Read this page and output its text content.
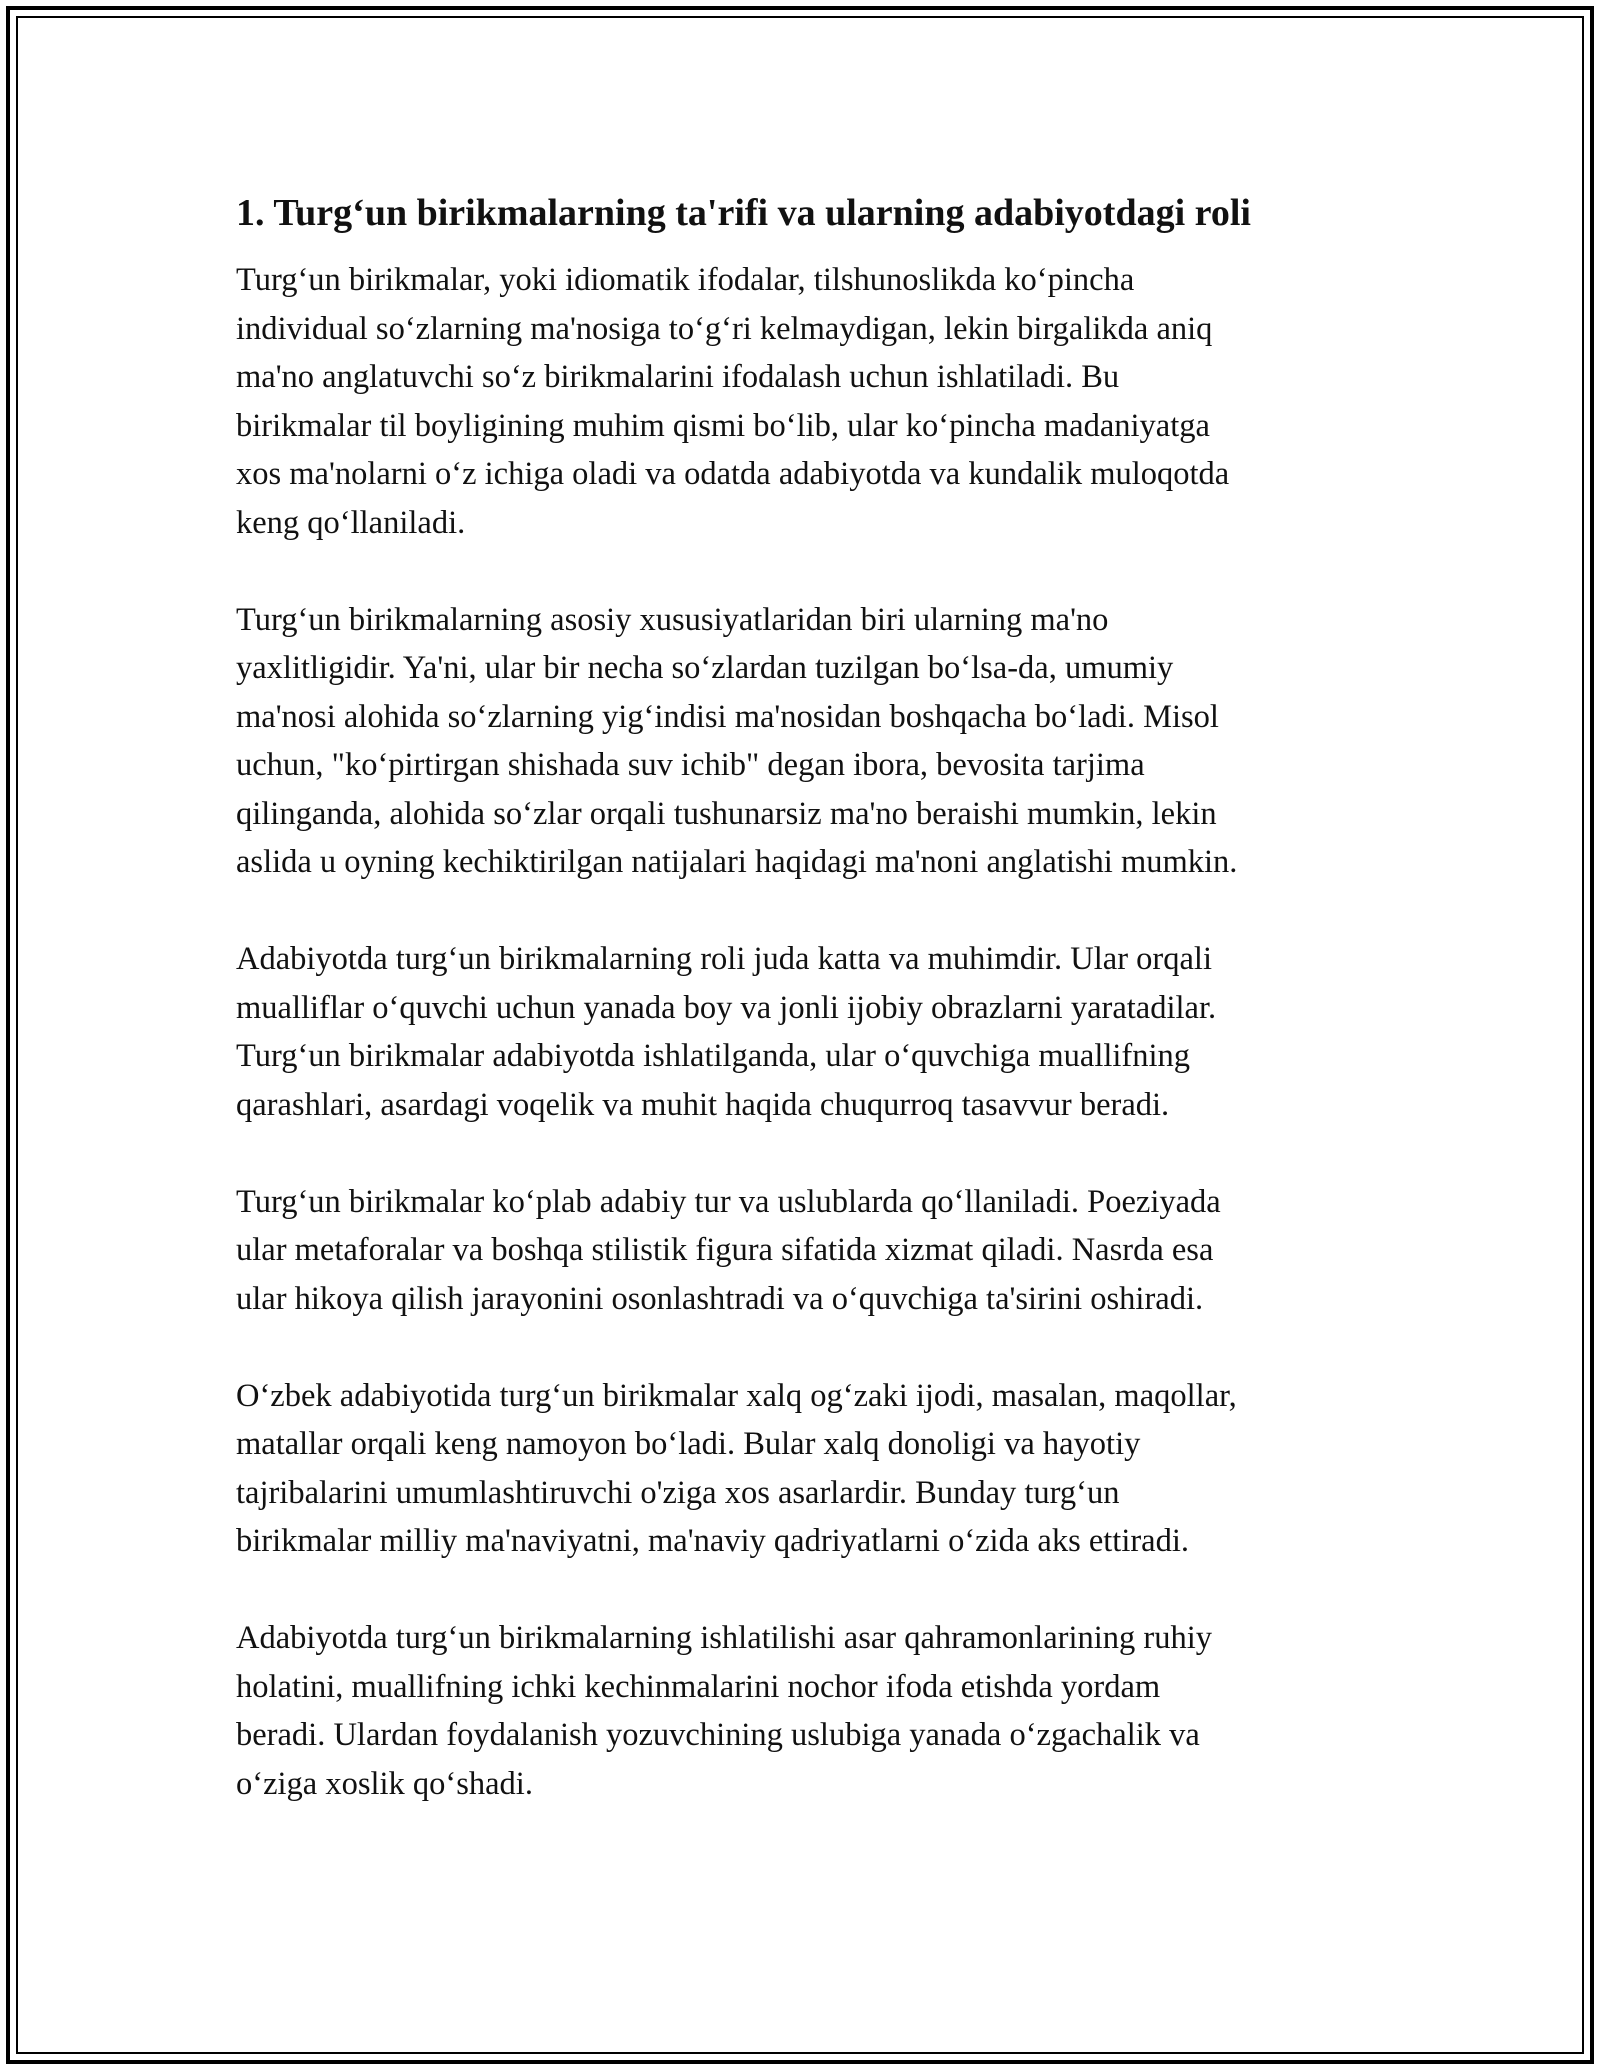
1. Turg‘un birikmalarning ta'rifi va ularning adabiyotdagi roli
Turg‘un birikmalar, yoki idiomatik ifodalar, tilshunoslikda ko‘pincha
individual so‘zlarning ma'nosiga to‘g‘ri kelmaydigan, lekin birgalikda aniq
ma'no anglatuvchi so‘z birikmalarini ifodalash uchun ishlatiladi. Bu
birikmalar til boyligining muhim qismi bo‘lib, ular ko‘pincha madaniyatga
xos ma'nolarni o‘z ichiga oladi va odatda adabiyotda va kundalik muloqotda
keng qo‘llaniladi.
Turg‘un birikmalarning asosiy xususiyatlaridan biri ularning ma'no
yaxlitligidir. Ya'ni, ular bir necha so‘zlardan tuzilgan bo‘lsa-da, umumiy
ma'nosi alohida so‘zlarning yig‘indisi ma'nosidan boshqacha bo‘ladi. Misol
uchun, "ko‘pirtirgan shishada suv ichib" degan ibora, bevosita tarjima
qilinganda, alohida so‘zlar orqali tushunarsiz ma'no beraishi mumkin, lekin
aslida u oyning kechiktirilgan natijalari haqidagi ma'noni anglatishi mumkin.
Adabiyotda turg‘un birikmalarning roli juda katta va muhimdir. Ular orqali
mualliflar o‘quvchi uchun yanada boy va jonli ijobiy obrazlarni yaratadilar.
Turg‘un birikmalar adabiyotda ishlatilganda, ular o‘quvchiga muallifning
qarashlari, asardagi voqelik va muhit haqida chuqurroq tasavvur beradi.
Turg‘un birikmalar ko‘plab adabiy tur va uslublarda qo‘llaniladi. Poeziyada
ular metaforalar va boshqa stilistik figura sifatida xizmat qiladi. Nasrda esa
ular hikoya qilish jarayonini osonlashtradi va o‘quvchiga ta'sirini oshiradi.
O‘zbek adabiyotida turg‘un birikmalar xalq og‘zaki ijodi, masalan, maqollar,
matallar orqali keng namoyon bo‘ladi. Bular xalq donoligi va hayotiy
tajribalarini umumlashtiruvchi o'ziga xos asarlardir. Bunday turg‘un
birikmalar milliy ma'naviyatni, ma'naviy qadriyatlarni o‘zida aks ettiradi.
Adabiyotda turg‘un birikmalarning ishlatilishi asar qahramonlarining ruhiy
holatini, muallifning ichki kechinmalarini nochor ifoda etishda yordam
beradi. Ulardan foydalanish yozuvchining uslubiga yanada o‘zgachalik va
o‘ziga xoslik qo‘shadi.
